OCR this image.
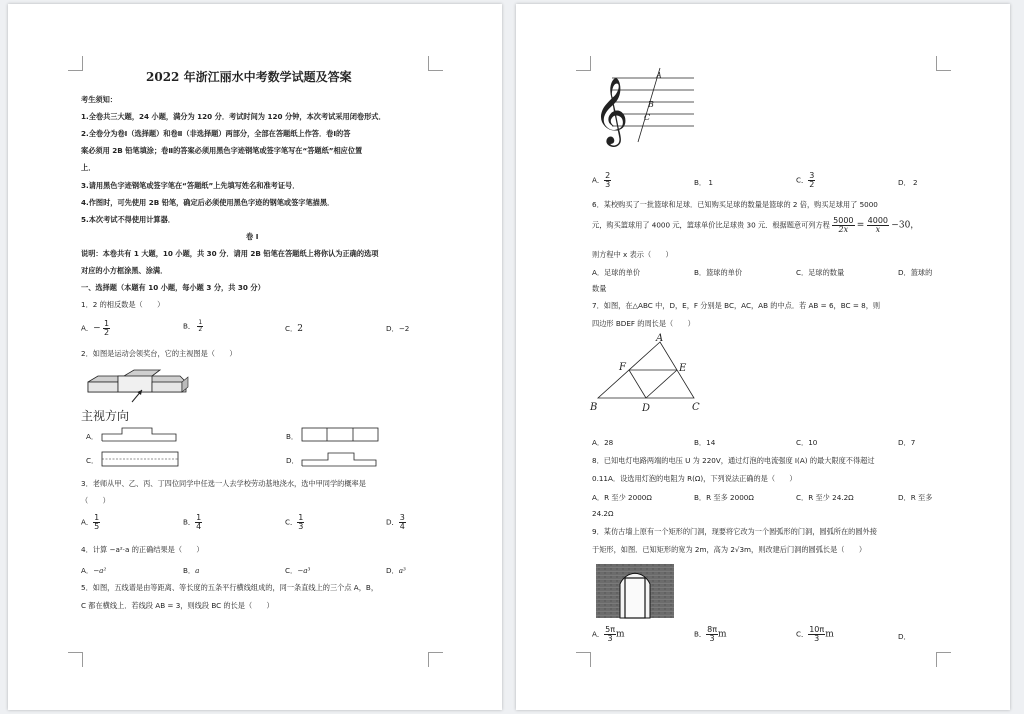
2022 年浙江丽水中考数学试题及答案
考生须知：
1.全卷共三大题，24 小题，满分为 120 分．考试时间为 120 分钟，本次考试采用闭卷形式．
2.全卷分为卷Ⅰ（选择题）和卷Ⅱ（非选择题）两部分，全部在答题纸上作答．卷Ⅰ的答
案必须用 2B 铅笔填涂；卷Ⅱ的答案必须用黑色字迹钢笔或签字笔写在“答题纸”相应位置
上．
3.请用黑色字迹钢笔或签字笔在“答题纸”上先填写姓名和准考证号．
4.作图时，可先使用 2B 铅笔，确定后必须使用黑色字迹的钢笔或签字笔描黑．
5.本次考试不得使用计算器．
卷 Ⅰ
说明：本卷共有 1 大题，10 小题，共 30 分．请用 2B 铅笔在答题纸上将你认为正确的选项
对应的小方框涂黑、涂满．
一、选择题（本题有 10 小题，每小题 3 分，共 30 分）
1．2 的相反数是（　　）
A．− $\frac{1}{2}$	B． $\frac{1}{2}$	C．2	D．−2
2．如图是运动会领奖台，它的主视图是（　　）
主视方向
A．	B．
C．	D．
3．老师从甲、乙、丙、丁四位同学中任选一人去学校劳动基地浇水，选中甲同学的概率是
（　　）
A． $\frac{1}{5}$	B． $\frac{1}{4}$	C． $\frac{1}{3}$	D． $\frac{3}{4}$
4．计算 −a²·a 的正确结果是（　　）
A．−a²	B．a	C．−a³	D．a³
5．如图，五线谱是由等距离、等长度的五条平行横线组成的，同一条直线上的三个点 A，B，
C 都在横线上．若线段 AB = 3，则线段 BC 的长是（　　）
𝄞
A
B
C
A． $\frac{2}{3}$	B． 1	C． $\frac{3}{2}$	D． 2
6．某校购买了一批篮球和足球．已知购买足球的数量是篮球的 2 倍，购买足球用了 5000
元，购买篮球用了 4000 元，篮球单价比足球贵 30 元．根据题意可列方程 $\frac{5000}{2x} = \frac{4000}{x} -30$，
则方程中 x 表示（　　）
A．足球的单价	B．篮球的单价	C．足球的数量	D．篮球的
数量
7．如图，在△ABC 中，D，E，F 分别是 BC，AC，AB 的中点．若 AB = 6，BC = 8，则
四边形 BDEF 的周长是（　　）
A
B	C
D
E
F
A．28	B．14	C．10	D．7
8．已知电灯电路两端的电压 U 为 220V，通过灯泡的电流强度 I(A) 的最大限度不得超过
0.11A．设选用灯泡的电阻为 R(Ω)，下列说法正确的是（　　）
A．R 至少 2000Ω	B．R 至多 2000Ω	C．R 至少 24.2Ω	D．R 至多
24.2Ω
9．某仿古墙上原有一个矩形的门洞，现要将它改为一个圆弧形的门洞，圆弧所在的圆外接
于矩形，如图．已知矩形的宽为 2m，高为 2√3m，则改建后门洞的圆弧长是（　　）
A． $\frac{5\pi}{3}$ m	B． $\frac{8\pi}{3}$ m	C． $\frac{10\pi}{3}$ m	D．
